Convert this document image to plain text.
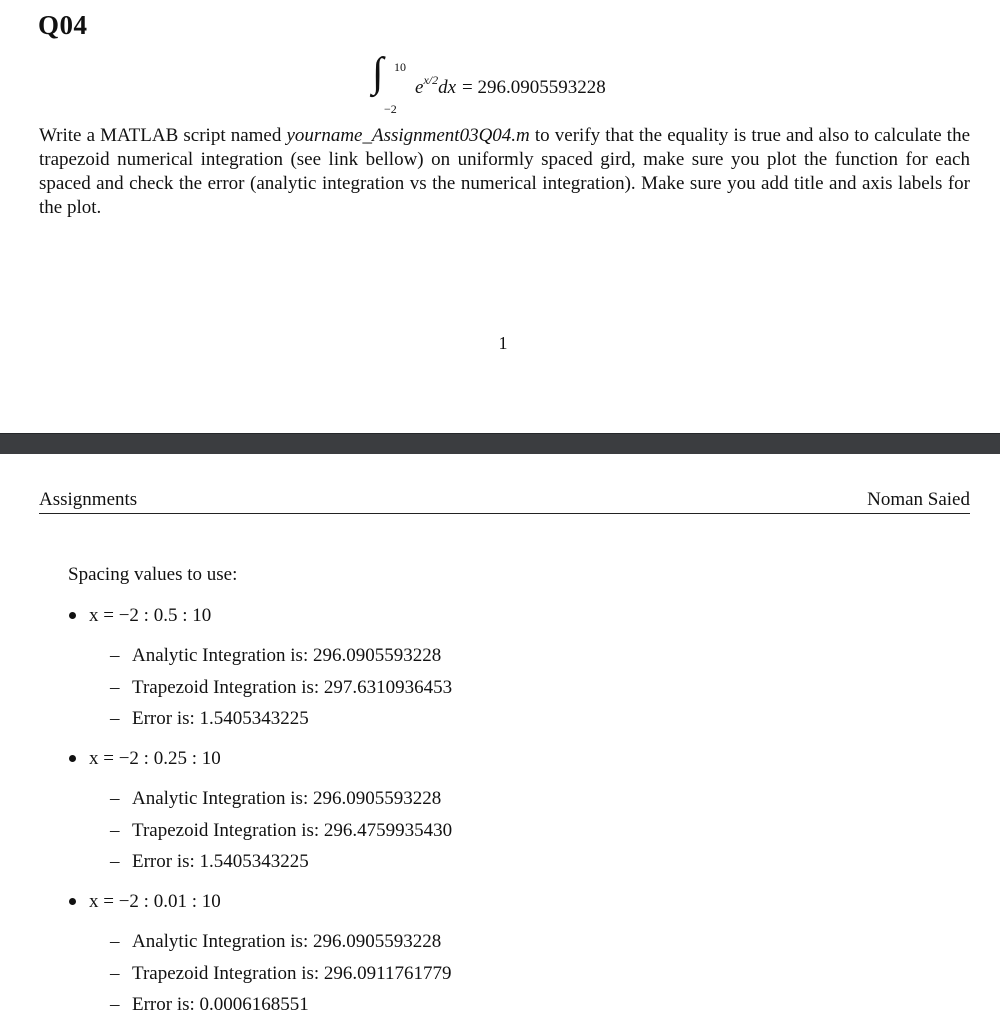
Q04
∫ 10
−2
$e^{x/2}dx = 296.0905593228$

Write a MATLAB script named yourname_Assignment03Q04.m to verify that the equality is true and also to calculate the trapezoid numerical integration (see link bellow) on uniformly spaced gird, make sure you plot the function for each spaced and check the error (analytic integration vs the numerical integration). Make sure you add title and axis labels for the plot.

1
Assignments	Noman Saied
Spacing values to use:
x = −2 : 0.5 : 10
– Analytic Integration is: 296.0905593228
– Trapezoid Integration is: 297.6310936453
– Error is: 1.5405343225
x = −2 : 0.25 : 10
– Analytic Integration is: 296.0905593228
– Trapezoid Integration is: 296.4759935430
– Error is: 1.5405343225
x = −2 : 0.01 : 10
– Analytic Integration is: 296.0905593228
– Trapezoid Integration is: 296.0911761779
– Error is: 0.0006168551
